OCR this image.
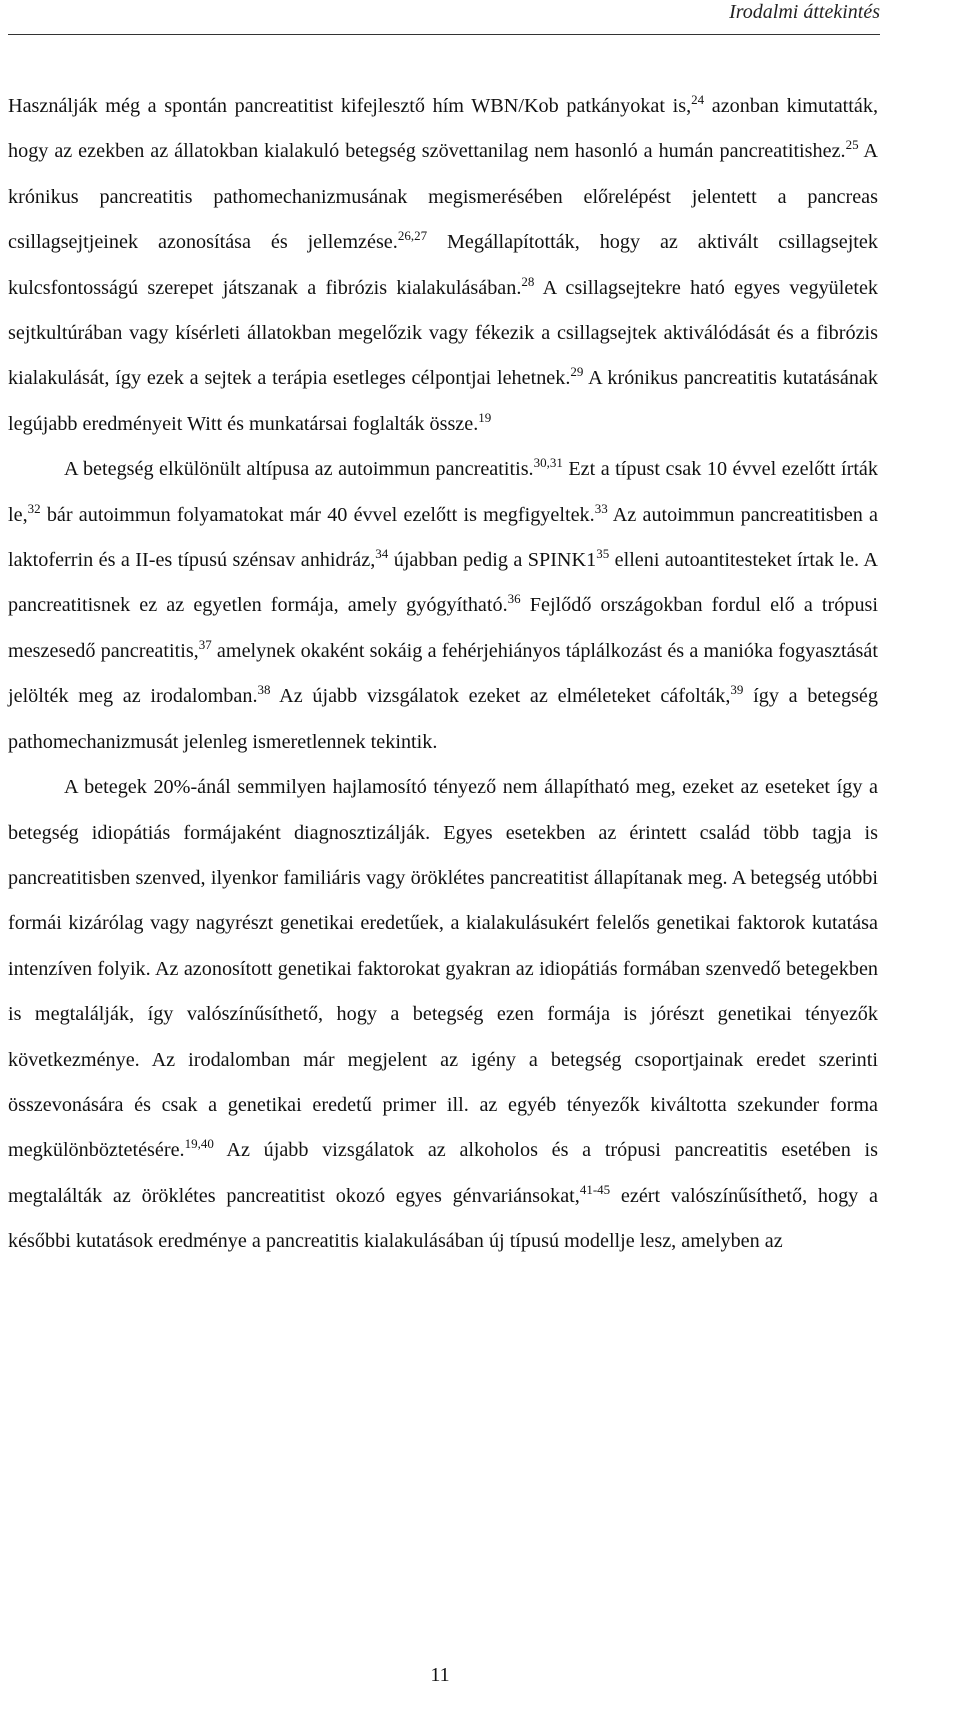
Irodalmi áttekintés

Használják még a spontán pancreatitist kifejlesztő hím WBN/Kob patkányokat is,$^{24}$ azonban kimutatták, hogy az ezekben az állatokban kialakuló betegség szövettanilag nem hasonló a humán pancreatitishez.$^{25}$ A krónikus pancreatitis pathomechanizmusának megismerésében előrelépést jelentett a pancreas csillagsejtjeinek azonosítása és jellemzése.$^{26,27}$ Megállapították, hogy az aktivált csillagsejtek kulcsfontosságú szerepet játszanak a fibrózis kialakulásában.$^{28}$ A csillagsejtekre ható egyes vegyületek sejtkultúrában vagy kísérleti állatokban megelőzik vagy fékezik a csillagsejtek aktiválódását és a fibrózis kialakulását, így ezek a sejtek a terápia esetleges célpontjai lehetnek.$^{29}$ A krónikus pancreatitis kutatásának legújabb eredményeit Witt és munkatársai foglalták össze.$^{19}$

A betegség elkülönült altípusa az autoimmun pancreatitis.$^{30,31}$ Ezt a típust csak 10 évvel ezelőtt írták le,$^{32}$ bár autoimmun folyamatokat már 40 évvel ezelőtt is megfigyeltek.$^{33}$ Az autoimmun pancreatitisben a laktoferrin és a II-es típusú szénsav anhidráz,$^{34}$ újabban pedig a $SPINK1^{35}$ elleni autoantitesteket írtak le. A pancreatitisnek ez az egyetlen formája, amely gyógyítható.$^{36}$ Fejlődő országokban fordul elő a trópusi meszesedő pancreatitis,$^{37}$ amelynek okaként sokáig a fehérjehiányos táplálkozást és a manióka fogyasztását jelölték meg az irodalomban.$^{38}$ Az újabb vizsgálatok ezeket az elméleteket cáfolták,$^{39}$ így a betegség pathomechanizmusát jelenleg ismeretlennek tekintik.

A betegek 20%-ánál semmilyen hajlamosító tényező nem állapítható meg, ezeket az eseteket így a betegség idiopátiás formájaként diagnosztizálják. Egyes esetekben az érintett család több tagja is pancreatitisben szenved, ilyenkor familiáris vagy öröklétes pancreatitist állapítanak meg. A betegség utóbbi formái kizárólag vagy nagyrészt genetikai eredetűek, a kialakulásukért felelős genetikai faktorok kutatása intenzíven folyik. Az azonosított genetikai faktorokat gyakran az idiopátiás formában szenvedő betegekben is megtalálják, így valószínűsíthető, hogy a betegség ezen formája is jórészt genetikai tényezők következménye. Az irodalomban már megjelent az igény a betegség csoportjainak eredet szerinti összevonására és csak a genetikai eredetű primer ill. az egyéb tényezők kiváltotta szekunder forma megkülönböztetésére.$^{19,40}$ Az újabb vizsgálatok az alkoholos és a trópusi pancreatitis esetében is megtalálták az öröklétes pancreatitist okozó egyes génvariánsokat,$^{41-45}$ ezért valószínűsíthető, hogy a későbbi kutatások eredménye a pancreatitis kialakulásában új típusú modellje lesz, amelyben az

11
